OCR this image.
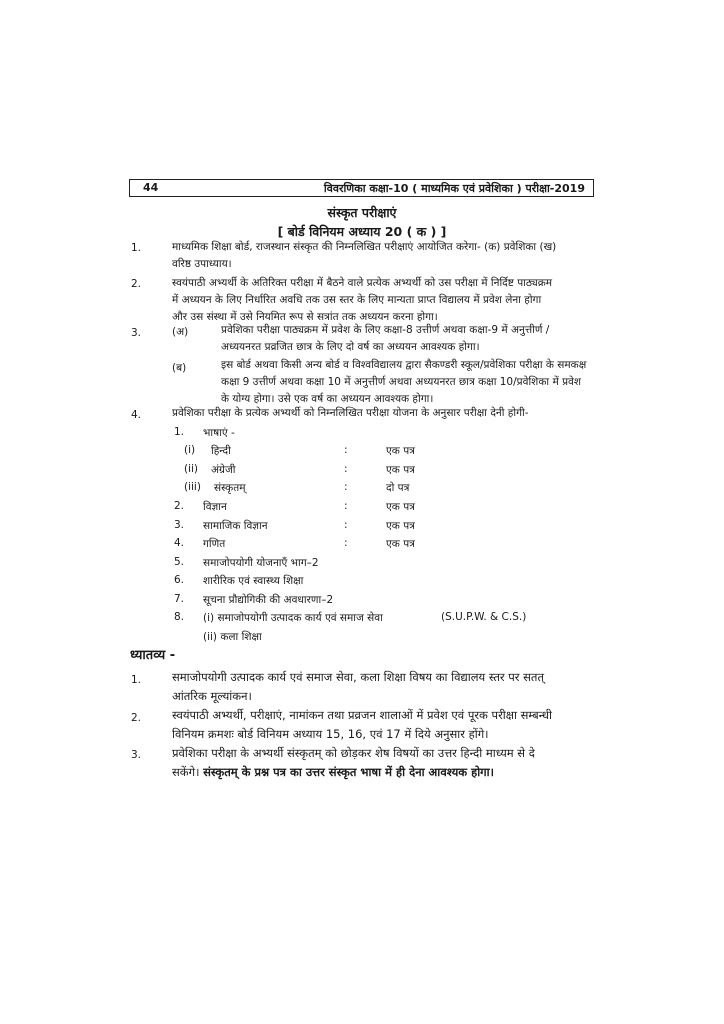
44	विवरणिका कक्षा-10 ( माध्यमिक एवं प्रवेशिका ) परीक्षा-2019
संस्कृत परीक्षाएं
[ बोर्ड विनियम अध्याय 20 ( क ) ]
1.	माध्यमिक शिक्षा बोर्ड, राजस्थान संस्कृत की निम्नलिखित परीक्षाएं आयोजित करेगा- (क) प्रवेशिका (ख)
वरिष्ठ उपाध्याय।
2.	स्वयंपाठी अभ्यर्थी के अतिरिक्त परीक्षा में बैठने वाले प्रत्येक अभ्यर्थी को उस परीक्षा में निर्दिष्ट पाठ्यक्रम
में अध्ययन के लिए निर्धारित अवधि तक उस स्तर के लिए मान्यता प्राप्त विद्यालय में प्रवेश लेना होगा
और उस संस्था में उसे नियमित रूप से सत्रांत तक अध्ययन करना होगा।
3.	(अ)	प्रवेशिका परीक्षा पाठ्यक्रम में प्रवेश के लिए कक्षा-8 उत्तीर्ण अथवा कक्षा-9 में अनुत्तीर्ण /
अध्ययनरत प्रव्रजित छात्र के लिए दो वर्ष का अध्ययन आवश्यक होगा।
(ब)	इस बोर्ड अथवा किसी अन्य बोर्ड व विश्वविद्यालय द्वारा सैकण्डरी स्कूल/प्रवेशिका परीक्षा के समकक्ष
कक्षा 9 उत्तीर्ण अथवा कक्षा 10 में अनुत्तीर्ण अथवा अध्ययनरत छात्र कक्षा 10/प्रवेशिका में प्रवेश
के योग्य होगा। उसे एक वर्ष का अध्ययन आवश्यक होगा।
4.	प्रवेशिका परीक्षा के प्रत्येक अभ्यर्थी को निम्नलिखित परीक्षा योजना के अनुसार परीक्षा देनी होगी-
1. भाषाएं -
(i) हिन्दी	:	एक पत्र
(ii) अंग्रेजी	:	एक पत्र
(iii) संस्कृतम्	:	दो पत्र
2. विज्ञान	:	एक पत्र
3. सामाजिक विज्ञान	:	एक पत्र
4. गणित	:	एक पत्र
5. समाजोपयोगी योजनाएँ भाग–2
6. शारीरिक एवं स्वास्थ्य शिक्षा
7. सूचना प्रौद्योगिकी की अवधारणा–2
8. (i) समाजोपयोगी उत्पादक कार्य एवं समाज सेवा	(S.U.P.W. & C.S.)
(ii) कला शिक्षा
ध्यातव्य -
1.	समाजोपयोगी उत्पादक कार्य एवं समाज सेवा, कला शिक्षा विषय का विद्यालय स्तर पर सतत्
आंतरिक मूल्यांकन।
2.	स्वयंपाठी अभ्यर्थी, परीक्षाएं, नामांकन तथा प्रव्रजन शालाओं में प्रवेश एवं पूरक परीक्षा सम्बन्धी
विनियम क्रमशः बोर्ड विनियम अध्याय 15, 16, एवं 17 में दिये अनुसार होंगे।
3.	प्रवेशिका परीक्षा के अभ्यर्थी संस्कृतम् को छोड़कर शेष विषयों का उत्तर हिन्दी माध्यम से दे
सकेंगे। संस्कृतम् के प्रश्न पत्र का उत्तर संस्कृत भाषा में ही देना आवश्यक होगा।
